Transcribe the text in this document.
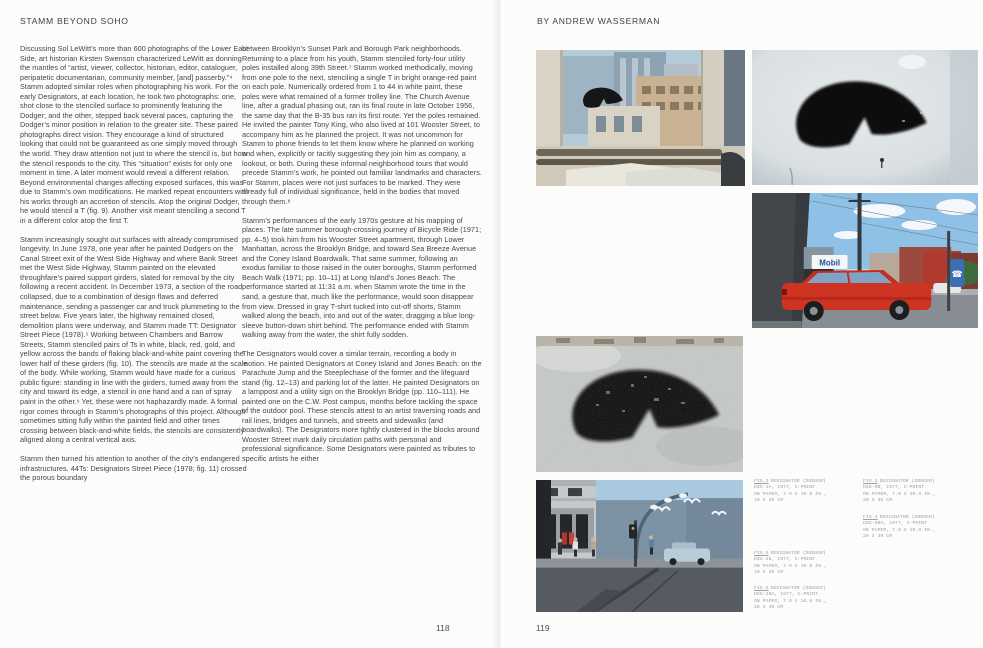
STAMM BEYOND SOHO	BY ANDREW WASSERMAN

Discussing Sol LeWitt’s more than 600 photographs of the Lower East Side, art historian Kirsten Swenson characterized LeWitt as donning the mantles of “artist, viewer, collector, historian, editor, cataloguer, peripatetic documentarian, community member, [and] passerby.”⁴ Stamm adopted similar roles when photographing his work. For the early Designators, at each location, he took two photographs: one, shot close to the stenciled surface to prominently featuring the Dodger; and the other, stepped back several paces, capturing the Dodger’s minor position in relation to the greater site. These paired photographs direct vision. They encourage a kind of structured looking that could not be guaranteed as one simply moved through the world. They draw attention not just to where the stencil is, but how the stencil responds to the city. This “situation” exists for only one moment in time. A later moment would reveal a different relation. Beyond environmental changes affecting exposed surfaces, this was due to Stamm’s own modifications. He marked repeat encounters with his works through an accretion of stencils. Atop the original Dodger, he would stencil a T (fig. 9). Another visit meant stenciling a second T in a different color atop the first T.

Stamm increasingly sought out surfaces with already compromised longevity. In June 1978, one year after he painted Dodgers on the Canal Street exit of the West Side Highway and where Bank Street met the West Side Highway, Stamm painted on the elevated throughfare’s paired support girders, slated for removal by the city following a recent accident. In December 1973, a section of the road collapsed, due to a combination of design flaws and deferred maintenance, sending a passenger car and truck plummeting to the street below. Five years later, the highway remained closed, demolition plans were underway, and Stamm made TT: Designator Street Piece (1978).⁵ Working between Chambers and Barrow Streets, Stamm stenciled pairs of Ts in white, black, red, gold, and yellow across the bands of flaking black-and-white paint covering the lower half of these girders (fig. 10). The stencils are made at the scale of the body. While working, Stamm would have made for a curious public figure: standing in line with the girders, turned away from the city and toward its edge, a stencil in one hand and a can of spray paint in the other.⁶ Yet, these were not haphazardly made. A formal rigor comes through in Stamm’s photographs of this project. Although sometimes sitting fully within the painted field and other times crossing between black-and-white fields, the stencils are consistently aligned along a central vertical axis.

Stamm then turned his attention to another of the city’s endangered infrastructures. 44Ts: Designators Street Piece (1978; fig. 11) crossed the porous boundary

between Brooklyn’s Sunset Park and Borough Park neighborhoods. Returning to a place from his youth, Stamm stenciled forty-four utility poles installed along 39th Street.⁷ Stamm worked methodically, moving from one pole to the next, stenciling a single T in bright orange-red paint on each pole. Numerically ordered from 1 to 44 in white paint, these poles were what remained of a former trolley line. The Church Avenue line, after a gradual phasing out, ran its final route in late October 1956, the same day that the B-35 bus ran its first route. Yet the poles remained. He invited the painter Tony King, who also lived at 101 Wooster Street, to accompany him as he planned the project. It was not uncommon for Stamm to phone friends to let them know where he planned on working and when, explicitly or tacitly suggesting they join him as company, a lookout, or both. During these informal neighborhood tours that would precede Stamm’s work, he pointed out familiar landmarks and characters. For Stamm, places were not just surfaces to be marked. They were already full of individual significance, held in the bodies that moved through them.⁸

Stamm’s performances of the early 1970s gesture at his mapping of places. The late summer borough-crossing journey of Bicycle Ride (1971; pp. 4–5) took him from his Wooster Street apartment, through Lower Manhattan, across the Brooklyn Bridge, and toward Sea Breeze Avenue and the Coney Island Boardwalk. That same summer, following an exodus familiar to those raised in the outer boroughs, Stamm performed Beach Walk (1971; pp. 10–11) at Long Island’s Jones Beach. The performance started at 11:31 a.m. when Stamm wrote the time in the sand, a gesture that, much like the performance, would soon disappear from view. Dressed in gray T-shirt tucked into cut-off shorts, Stamm walked along the beach, into and out of the water, dragging a blue long-sleeve button-down shirt behind. The performance ended with Stamm walking away from the water, the shirt fully sodden.

The Designators would cover a similar terrain, recording a body in motion. He painted Designators at Coney Island and Jones Beach: on the Parachute Jump and the Steeplechase of the former and the lifeguard stand (fig. 12–13) and parking lot of the latter. He painted Designators on a lamppost and a utility sign on the Brooklyn Bridge (pp. 110–111). He painted one on the C.W. Post campus, months before tackling the space of the outdoor pool. These stencils attest to an artist traversing roads and rail lines, bridges and tunnels, and streets and sidewalks (and boardwalks). The Designators more tightly clustered in the blocks around Wooster Street mark daily circulation paths with personal and professional significance. Some Designators were painted as tributes to specific artists he either

118	119
Mobil
☎
FIG.2 DESIGNATOR (DODGER)
DSG-1A, 1977, C-PRINT
ON PAPER, 7.9 X 10.8 IN.,
20 X 30 CM
FIG.3 DESIGNATOR (DODGER)
DSG-9B, 1977, C-PRINT
ON PAPER, 7.9 X 10.8 IN.,
20 X 30 CM
FIG.4 DESIGNATOR (DODGER)
DSG-9BA, 1977, C-PRINT
ON PAPER, 7.9 X 10.8 IN.,
20 X 30 CM
FIG.5 DESIGNATOR (DODGER)
DSG-2B, 1977, C-PRINT
ON PAPER, 7.9 X 10.8 IN.,
20 X 30 CM
FIG.6 DESIGNATOR (DODGER)
DSG-2BA, 1977, C-PRINT
ON PAPER, 7.9 X 10.8 IN.,
20 X 30 CM
